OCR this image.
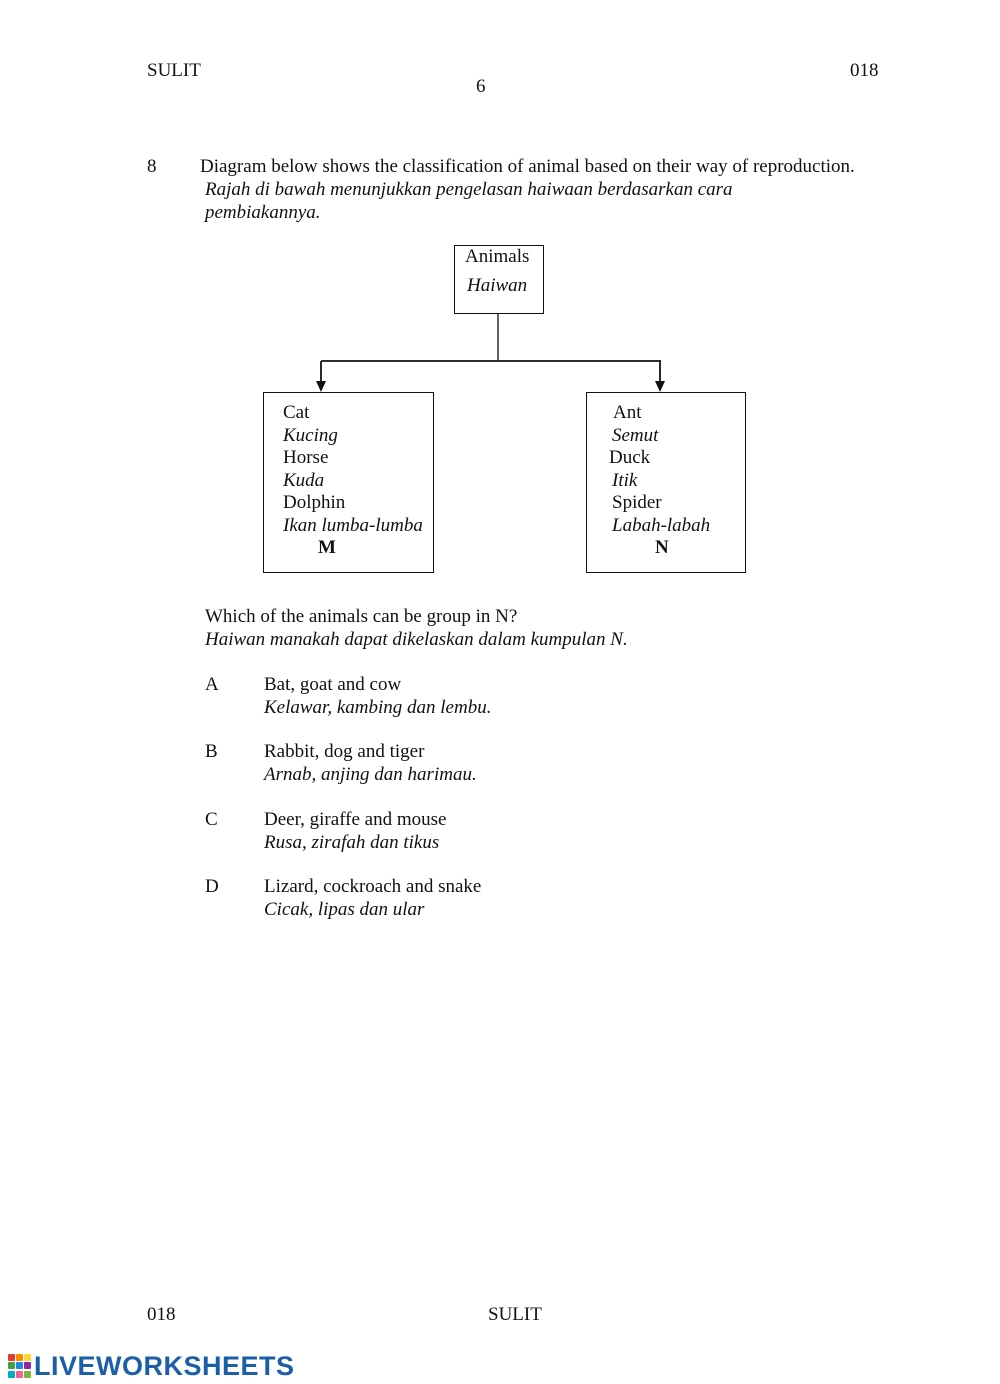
SULIT
6
018
8 Diagram below shows the classification of animal based on their way of reproduction.
Rajah di bawah menunjukkan pengelasan haiwaan berdasarkan cara
pembiakannya.
Animals
Haiwan
Cat
Kucing
Horse
Kuda
Dolphin
Ikan lumba-lumba
M
Ant
Semut
Duck
Itik
Spider
Labah-labah
N
Which of the animals can be group in N?
Haiwan manakah dapat dikelaskan dalam kumpulan N.
A Bat, goat and cow
Kelawar, kambing dan lembu.
B Rabbit, dog and tiger
Arnab, anjing dan harimau.
C Deer, giraffe and mouse
Rusa, zirafah dan tikus
D Lizard, cockroach and snake
Cicak, lipas dan ular
018	SULIT
LIVEWORKSHEETS
